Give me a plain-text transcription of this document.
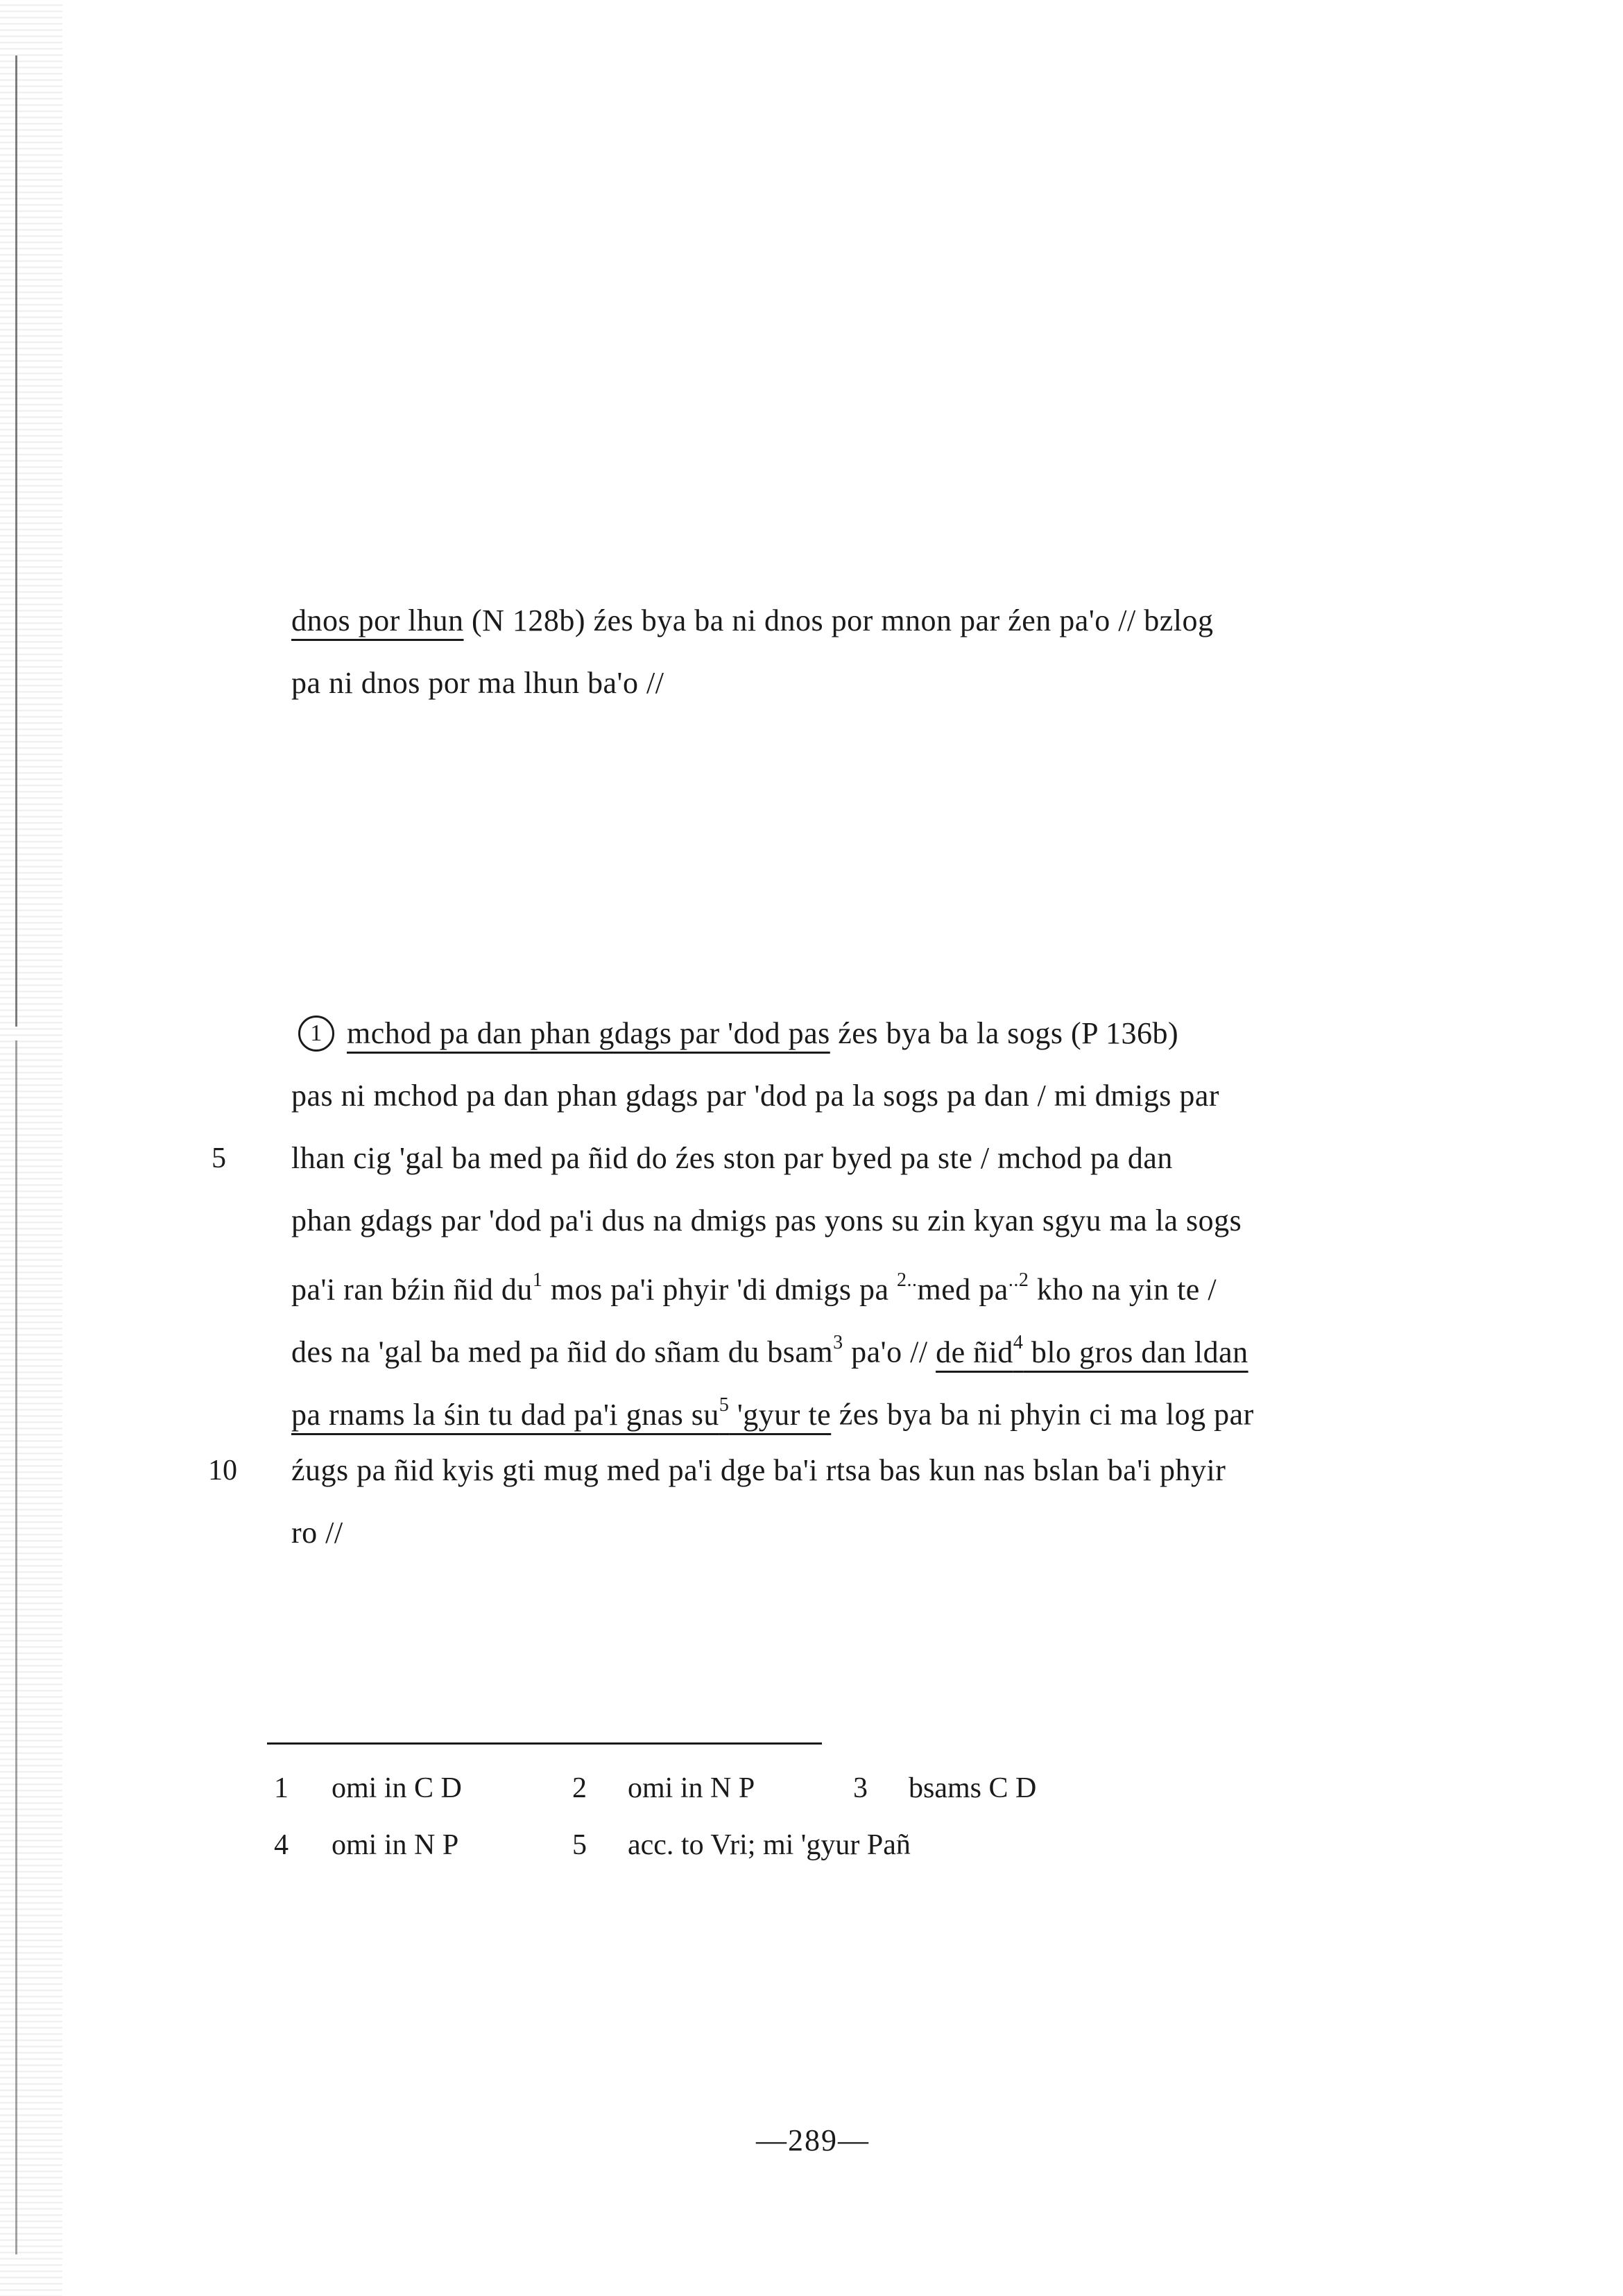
dnos por lhun (N 128b) źes bya ba ni dnos por mnon par źen pa'o // bzlog
pa ni dnos por ma lhun ba'o //
1 mchod pa dan phan gdags par 'dod pas źes bya ba la sogs (P 136b)
pas ni mchod pa dan phan gdags par 'dod pa la sogs pa dan / mi dmigs par
5 lhan cig 'gal ba med pa ñid do źes ston par byed pa ste / mchod pa dan
phan gdags par 'dod pa'i dus na dmigs pas yons su zin kyan sgyu ma la sogs
pa'i ran bźin ñid $du^1$ mos pa'i phyir 'di dmigs pa $^{2..}$med $pa^{..2}$ kho na yin te /
des na 'gal ba med pa ñid do sñam du bsam$^3$ pa'o // de ñid$^4$ blo gros dan ldan
pa rnams la śin tu dad pa'i gnas $su^5$ 'gyur te źes bya ba ni phyin ci ma log par
10 źugs pa ñid kyis gti mug med pa'i dge ba'i rtsa bas kun nas bslan ba'i phyir
ro //
1 omi in C D	2 omi in N P	3 bsams C D
4 omi in N P	5 acc. to Vri; mi 'gyur Pañ
—289—
